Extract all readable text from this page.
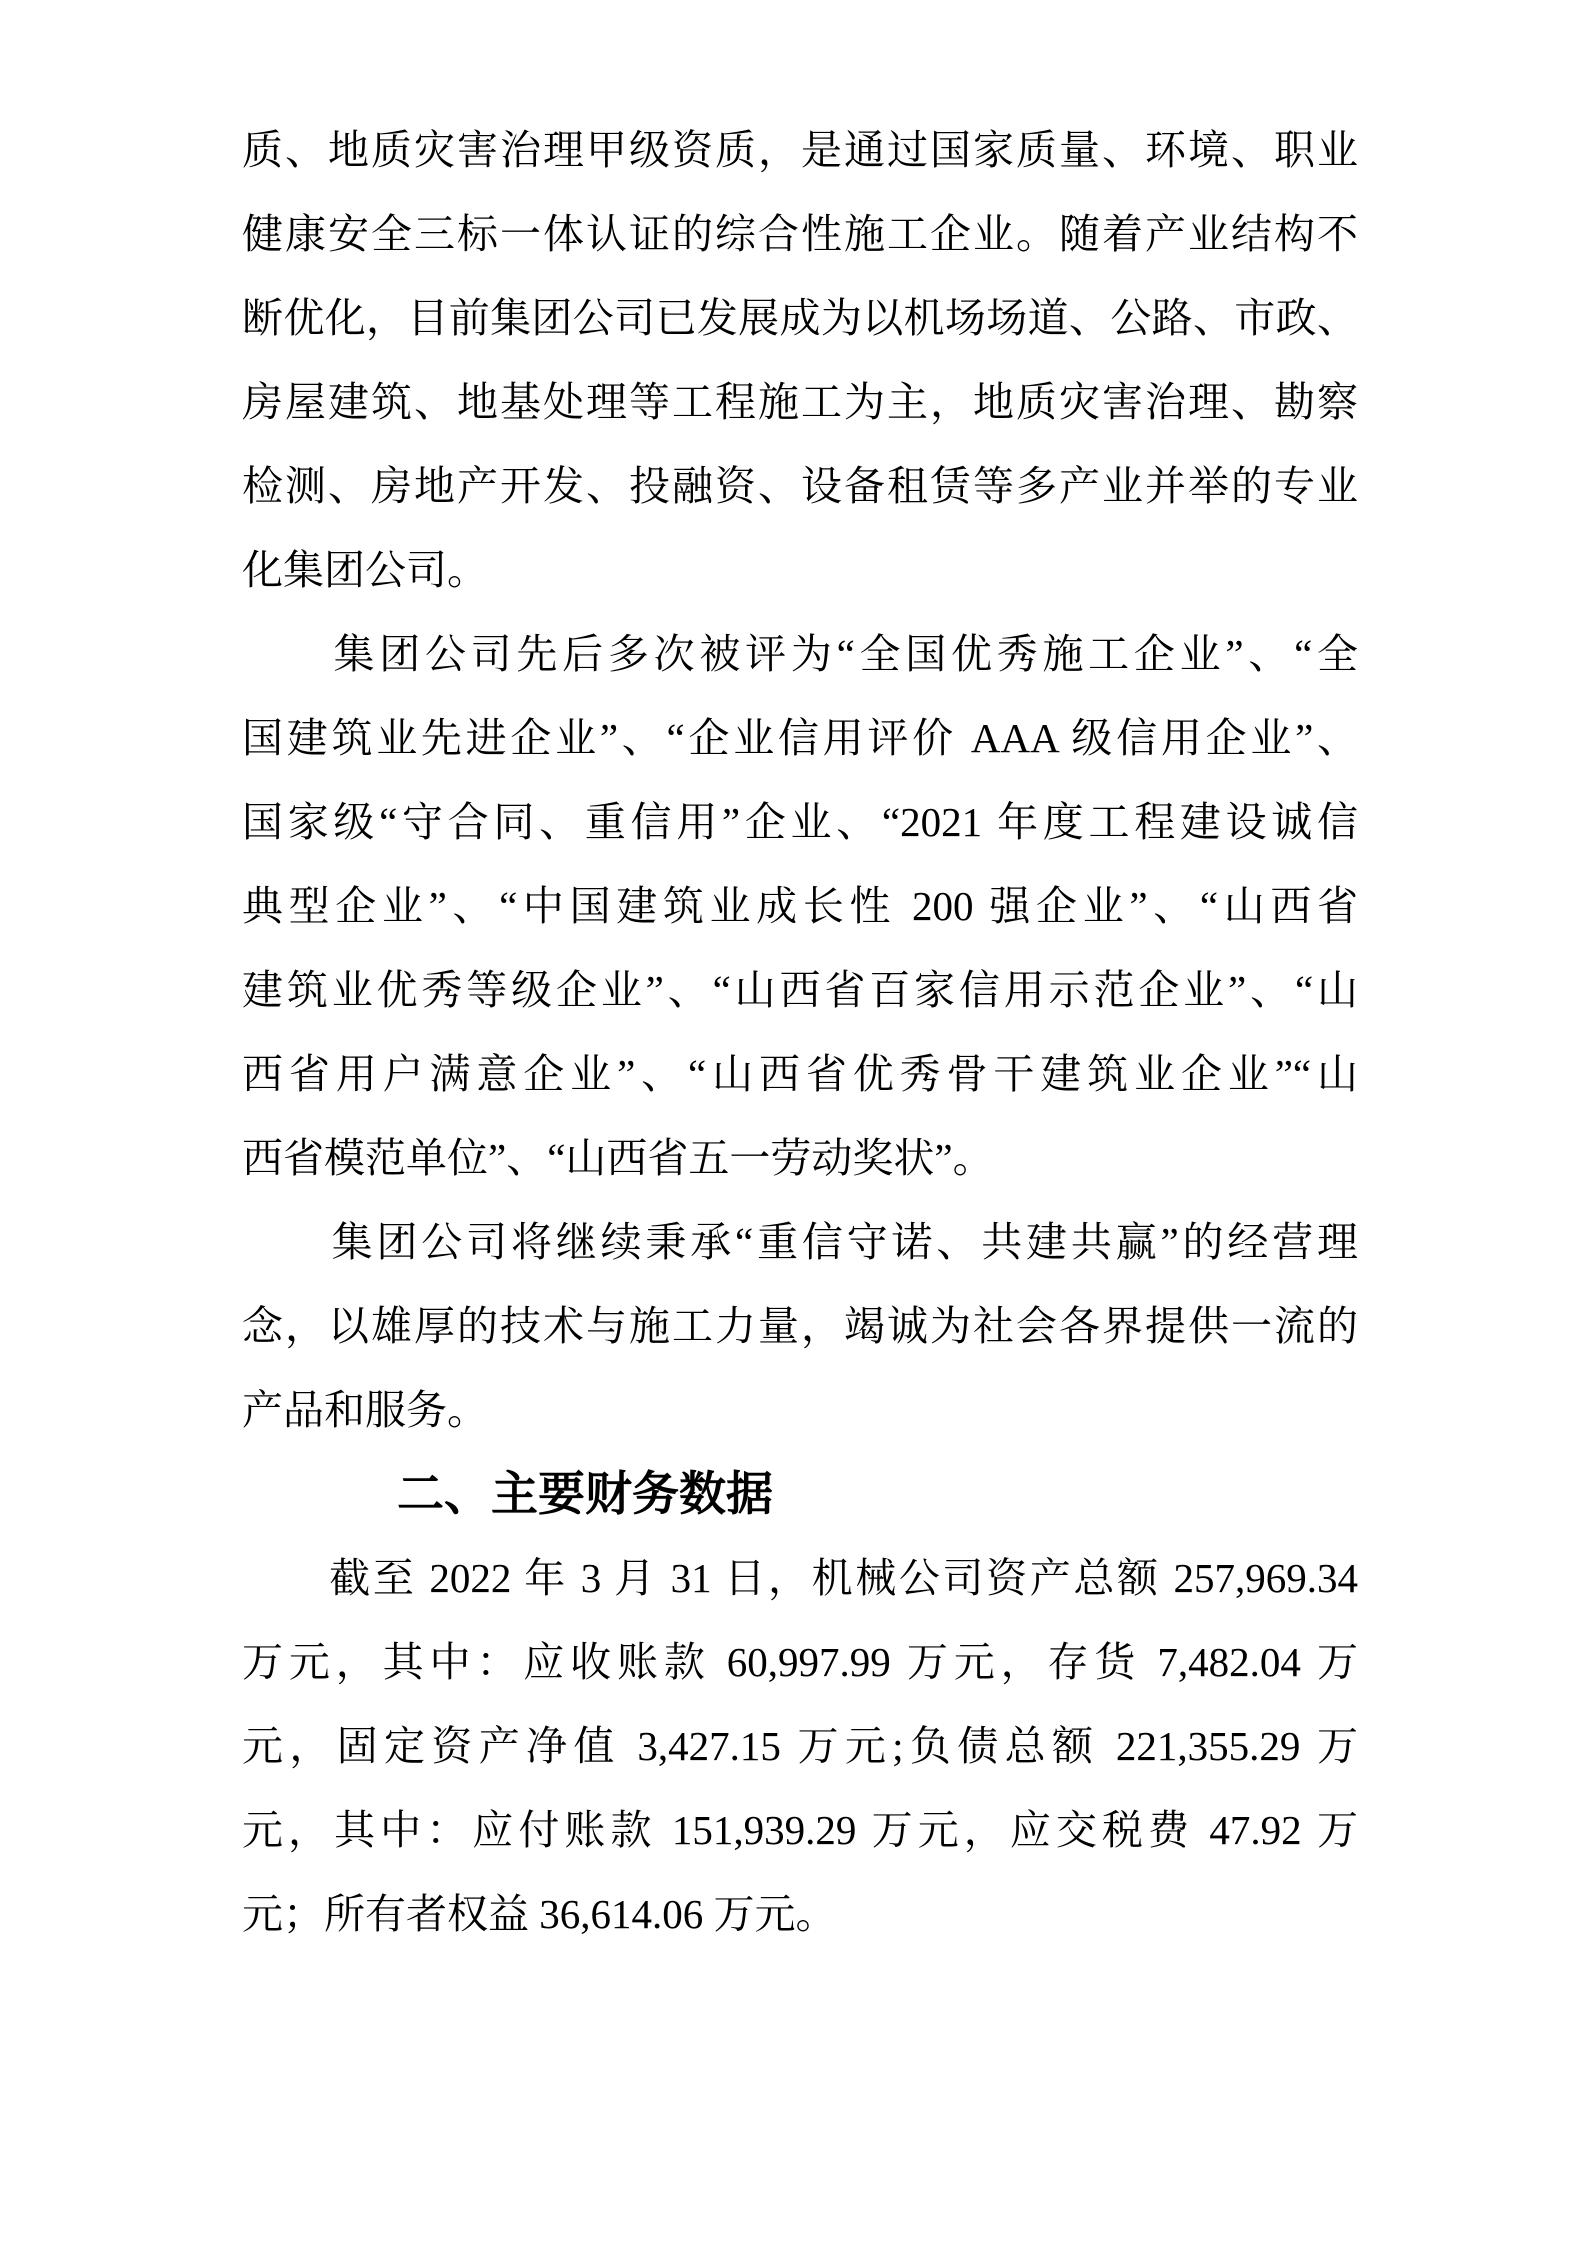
质、地质灾害治理甲级资质，是通过国家质量、环境、职业
健康安全三标一体认证的综合性施工企业。随着产业结构不
断优化，目前集团公司已发展成为以机场场道、公路、市政、
房屋建筑、地基处理等工程施工为主，地质灾害治理、勘察
检测、房地产开发、投融资、设备租赁等多产业并举的专业
化集团公司。
　　集团公司先后多次被评为“全国优秀施工企业”、“全
国建筑业先进企业”、“企业信用评价 AAA 级信用企业”、
国家级“守合同、重信用”企业、“2021 年度工程建设诚信
典型企业”、“中国建筑业成长性 200 强企业”、“山西省
建筑业优秀等级企业”、“山西省百家信用示范企业”、“山
西省用户满意企业”、“山西省优秀骨干建筑业企业”“山
西省模范单位”、“山西省五一劳动奖状”。
　　集团公司将继续秉承“重信守诺、共建共赢”的经营理
念，以雄厚的技术与施工力量，竭诚为社会各界提供一流的
产品和服务。
二、主要财务数据
　　截至 2022 年 3 月 31 日，机械公司资产总额 257,969.34
万元，其中：应收账款 60,997.99 万元，存货 7,482.04 万
元，固定资产净值 3,427.15 万元;负债总额 221,355.29 万
元，其中：应付账款 151,939.29 万元，应交税费 47.92 万
元；所有者权益 36,614.06 万元。
